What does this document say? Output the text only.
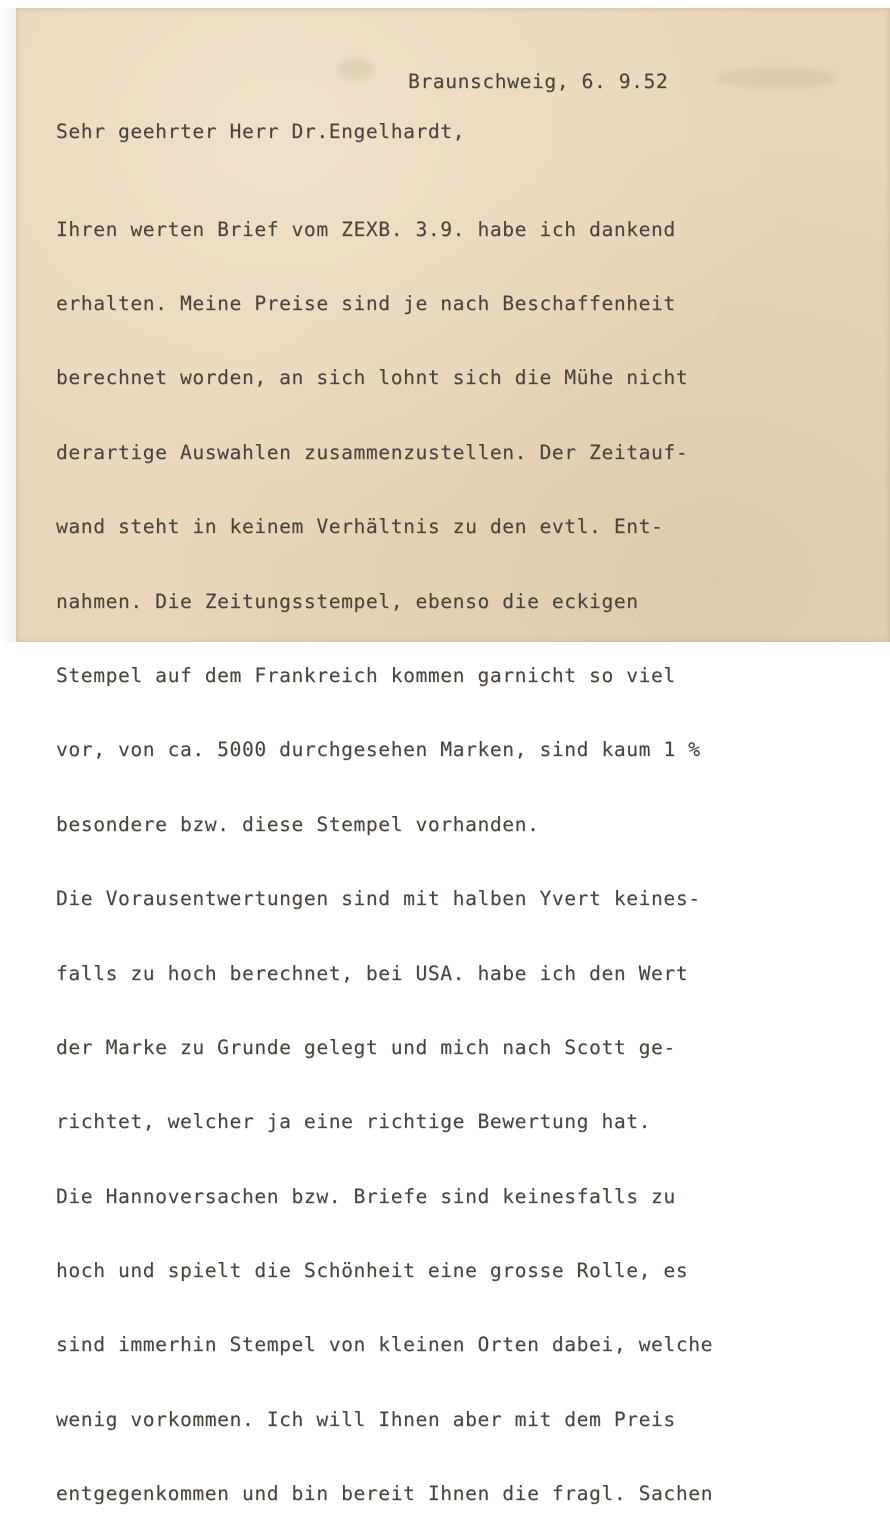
Braunschweig, 6. 9.52
Sehr geehrter Herr Dr.Engelhardt,

Ihren werten Brief vom ZEXB. 3.9. habe ich dankend

erhalten. Meine Preise sind je nach Beschaffenheit

berechnet worden, an sich lohnt sich die Mühe nicht

derartige Auswahlen zusammenzustellen. Der Zeitauf-

wand steht in keinem Verhältnis zu den evtl. Ent-

nahmen. Die Zeitungsstempel, ebenso die eckigen

Stempel auf dem Frankreich kommen garnicht so viel

vor, von ca. 5000 durchgesehen Marken, sind kaum 1 %

besondere bzw. diese Stempel vorhanden.

Die Vorausentwertungen sind mit halben Yvert keines-

falls zu hoch berechnet, bei USA. habe ich den Wert

der Marke zu Grunde gelegt und mich nach Scott ge-

richtet, welcher ja eine richtige Bewertung hat.

Die Hannoversachen bzw. Briefe sind keinesfalls zu

hoch und spielt die Schönheit eine grosse Rolle, es

sind immerhin Stempel von kleinen Orten dabei, welche

wenig vorkommen. Ich will Ihnen aber mit dem Preis

entgegenkommen und bin bereit Ihnen die fragl. Sachen
